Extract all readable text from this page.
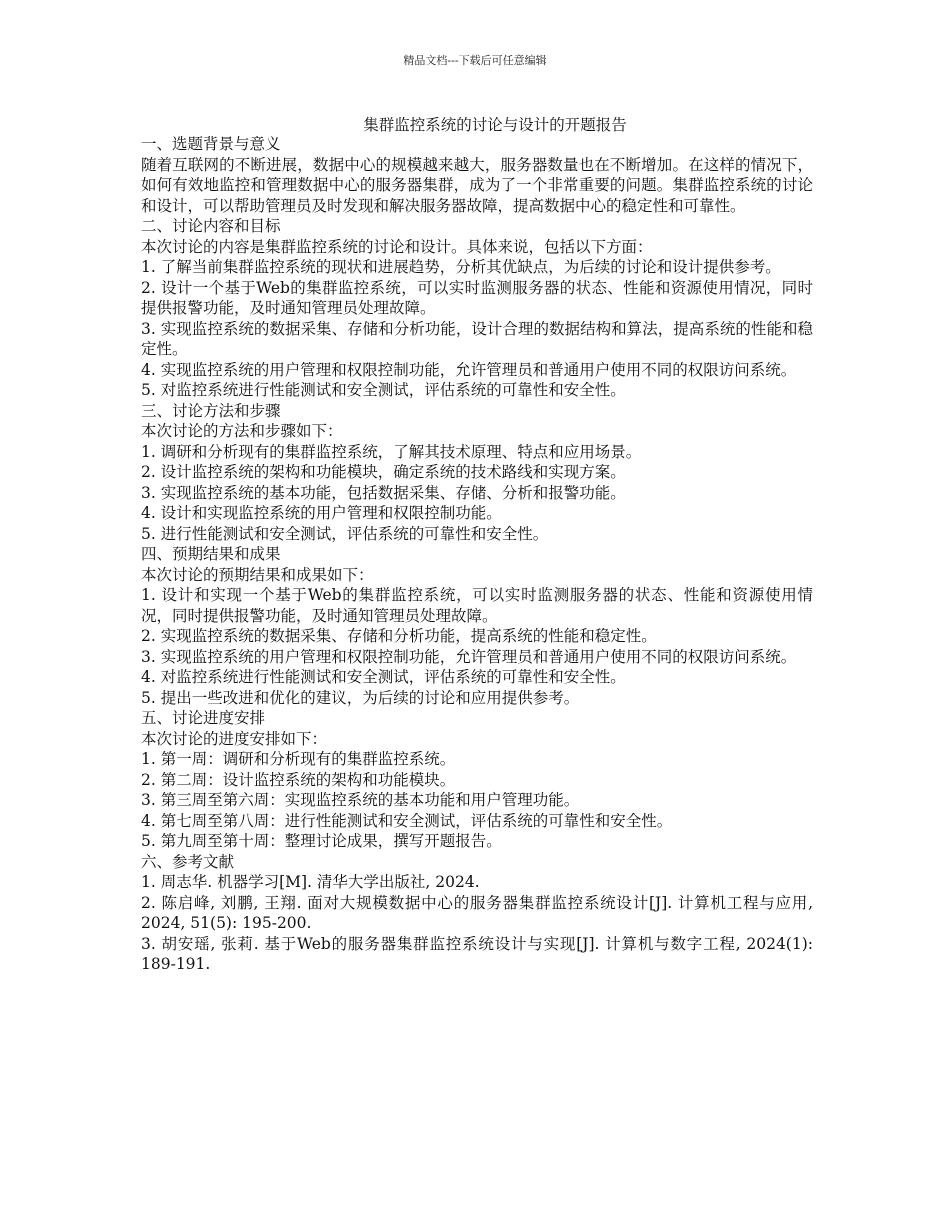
精品文档---下载后可任意编辑
集群监控系统的讨论与设计的开题报告

一、选题背景与意义

随着互联网的不断进展，数据中心的规模越来越大，服务器数量也在不断增加。在这样的情况下，如何有效地监控和管理数据中心的服务器集群，成为了一个非常重要的问题。集群监控系统的讨论和设计，可以帮助管理员及时发现和解决服务器故障，提高数据中心的稳定性和可靠性。

二、讨论内容和目标

本次讨论的内容是集群监控系统的讨论和设计。具体来说，包括以下方面：

1. 了解当前集群监控系统的现状和进展趋势，分析其优缺点，为后续的讨论和设计提供参考。

2. 设计一个基于Web的集群监控系统，可以实时监测服务器的状态、性能和资源使用情况，同时提供报警功能，及时通知管理员处理故障。

3. 实现监控系统的数据采集、存储和分析功能，设计合理的数据结构和算法，提高系统的性能和稳定性。

4. 实现监控系统的用户管理和权限控制功能，允许管理员和普通用户使用不同的权限访问系统。

5. 对监控系统进行性能测试和安全测试，评估系统的可靠性和安全性。

三、讨论方法和步骤

本次讨论的方法和步骤如下：

1. 调研和分析现有的集群监控系统，了解其技术原理、特点和应用场景。

2. 设计监控系统的架构和功能模块，确定系统的技术路线和实现方案。

3. 实现监控系统的基本功能，包括数据采集、存储、分析和报警功能。

4. 设计和实现监控系统的用户管理和权限控制功能。

5. 进行性能测试和安全测试，评估系统的可靠性和安全性。

四、预期结果和成果

本次讨论的预期结果和成果如下：

1. 设计和实现一个基于Web的集群监控系统，可以实时监测服务器的状态、性能和资源使用情况，同时提供报警功能，及时通知管理员处理故障。

2. 实现监控系统的数据采集、存储和分析功能，提高系统的性能和稳定性。

3. 实现监控系统的用户管理和权限控制功能，允许管理员和普通用户使用不同的权限访问系统。

4. 对监控系统进行性能测试和安全测试，评估系统的可靠性和安全性。

5. 提出一些改进和优化的建议，为后续的讨论和应用提供参考。

五、讨论进度安排

本次讨论的进度安排如下：

1. 第一周：调研和分析现有的集群监控系统。

2. 第二周：设计监控系统的架构和功能模块。

3. 第三周至第六周：实现监控系统的基本功能和用户管理功能。

4. 第七周至第八周：进行性能测试和安全测试，评估系统的可靠性和安全性。

5. 第九周至第十周：整理讨论成果，撰写开题报告。

六、参考文献

1. 周志华. 机器学习[M]. 清华大学出版社, 2024.

2. 陈启峰, 刘鹏, 王翔. 面对大规模数据中心的服务器集群监控系统设计[J]. 计算机工程与应用, 2024, 51(5): 195-200.

3. 胡安瑶, 张莉. 基于Web的服务器集群监控系统设计与实现[J]. 计算机与数字工程, 2024(1): 189-191.
